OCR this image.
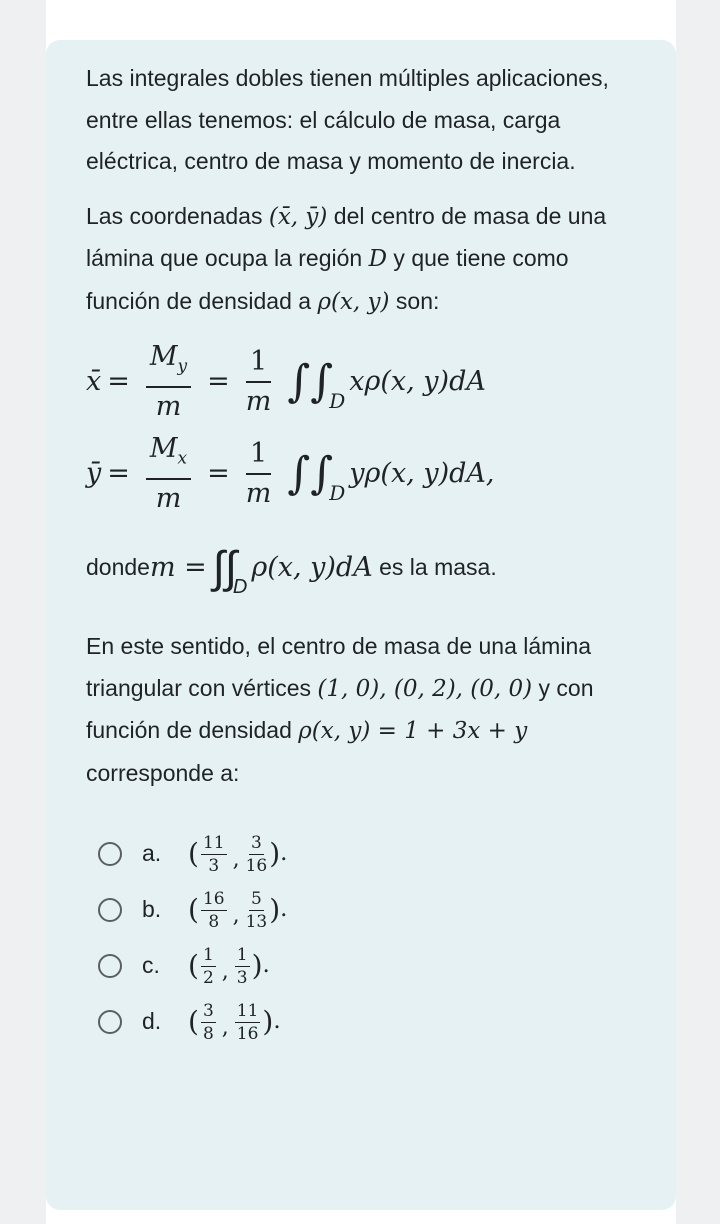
Las integrales dobles tienen múltiples aplicaciones, entre ellas tenemos: el cálculo de masa, carga eléctrica, centro de masa y momento de inercia.

Las coordenadas (x̄, ȳ) del centro de masa de una lámina que ocupa la región D y que tiene como función de densidad a ρ(x, y) son:

x̄ = $\frac{M_y}{m} = \frac{1}{m}$ ∫∫
D
xρ(x, y)dA
ȳ = $\frac{M_x}{m} = \frac{1}{m}$ ∫∫
D
yρ(x, y)dA,
donde m = ∫∫
D
ρ(x, y)dA es la masa.

En este sentido, el centro de masa de una lámina triangular con vértices (1, 0), (0, 2), (0, 0) y con función de densidad ρ(x, y) = 1 + 3x + y corresponde a:

a. ( 11
3 ,
3
16 ) .
b. ( 16
8 ,
5
13 ) .
c.	( 1
2 ,
1
3 ) .
d. ( 3
8 ,
11
16 ) .
